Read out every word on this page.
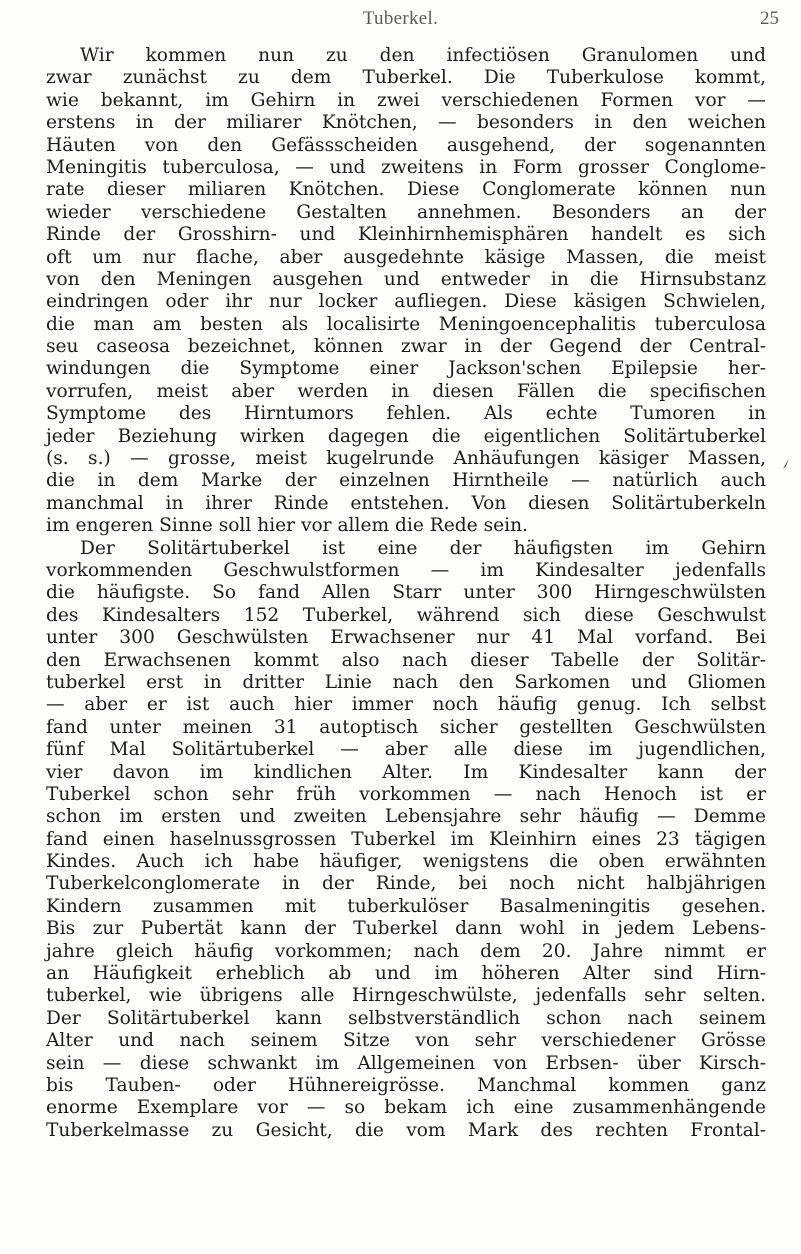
Tuberkel.	25
Wir kommen nun zu den infectiösen Granulomen und
zwar zunächst zu dem Tuberkel. Die Tuberkulose kommt,
wie bekannt, im Gehirn in zwei verschiedenen Formen vor —
erstens in der miliarer Knötchen, — besonders in den weichen
Häuten von den Gefässscheiden ausgehend, der sogenannten
Meningitis tuberculosa, — und zweitens in Form grosser Conglome-
rate dieser miliaren Knötchen. Diese Conglomerate können nun
wieder verschiedene Gestalten annehmen. Besonders an der
Rinde der Grosshirn- und Kleinhirnhemisphären handelt es sich
oft um nur flache, aber ausgedehnte käsige Massen, die meist
von den Meningen ausgehen und entweder in die Hirnsubstanz
eindringen oder ihr nur locker aufliegen. Diese käsigen Schwielen,
die man am besten als localisirte Meningoencephalitis tuberculosa
seu caseosa bezeichnet, können zwar in der Gegend der Central-
windungen die Symptome einer Jackson'schen Epilepsie her-
vorrufen, meist aber werden in diesen Fällen die specifischen
Symptome des Hirntumors fehlen. Als echte Tumoren in
jeder Beziehung wirken dagegen die eigentlichen Solitärtuberkel
(s. s.) — grosse, meist kugelrunde Anhäufungen käsiger Massen,
die in dem Marke der einzelnen Hirntheile — natürlich auch
manchmal in ihrer Rinde entstehen. Von diesen Solitärtuberkeln
im engeren Sinne soll hier vor allem die Rede sein.
Der Solitärtuberkel ist eine der häufigsten im Gehirn
vorkommenden Geschwulstformen — im Kindesalter jedenfalls
die häufigste. So fand Allen Starr unter 300 Hirngeschwülsten
des Kindesalters 152 Tuberkel, während sich diese Geschwulst
unter 300 Geschwülsten Erwachsener nur 41 Mal vorfand. Bei
den Erwachsenen kommt also nach dieser Tabelle der Solitär-
tuberkel erst in dritter Linie nach den Sarkomen und Gliomen
— aber er ist auch hier immer noch häufig genug. Ich selbst
fand unter meinen 31 autoptisch sicher gestellten Geschwülsten
fünf Mal Solitärtuberkel — aber alle diese im jugendlichen,
vier davon im kindlichen Alter. Im Kindesalter kann der
Tuberkel schon sehr früh vorkommen — nach Henoch ist er
schon im ersten und zweiten Lebensjahre sehr häufig — Demme
fand einen haselnussgrossen Tuberkel im Kleinhirn eines 23 tägigen
Kindes. Auch ich habe häufiger, wenigstens die oben erwähnten
Tuberkelconglomerate in der Rinde, bei noch nicht halbjährigen
Kindern zusammen mit tuberkulöser Basalmeningitis gesehen.
Bis zur Pubertät kann der Tuberkel dann wohl in jedem Lebens-
jahre gleich häufig vorkommen; nach dem 20. Jahre nimmt er
an Häufigkeit erheblich ab und im höheren Alter sind Hirn-
tuberkel, wie übrigens alle Hirngeschwülste, jedenfalls sehr selten.
Der Solitärtuberkel kann selbstverständlich schon nach seinem
Alter und nach seinem Sitze von sehr verschiedener Grösse
sein — diese schwankt im Allgemeinen von Erbsen- über Kirsch-
bis Tauben- oder Hühnereigrösse. Manchmal kommen ganz
enorme Exemplare vor — so bekam ich eine zusammenhängende
Tuberkelmasse zu Gesicht, die vom Mark des rechten Frontal-
